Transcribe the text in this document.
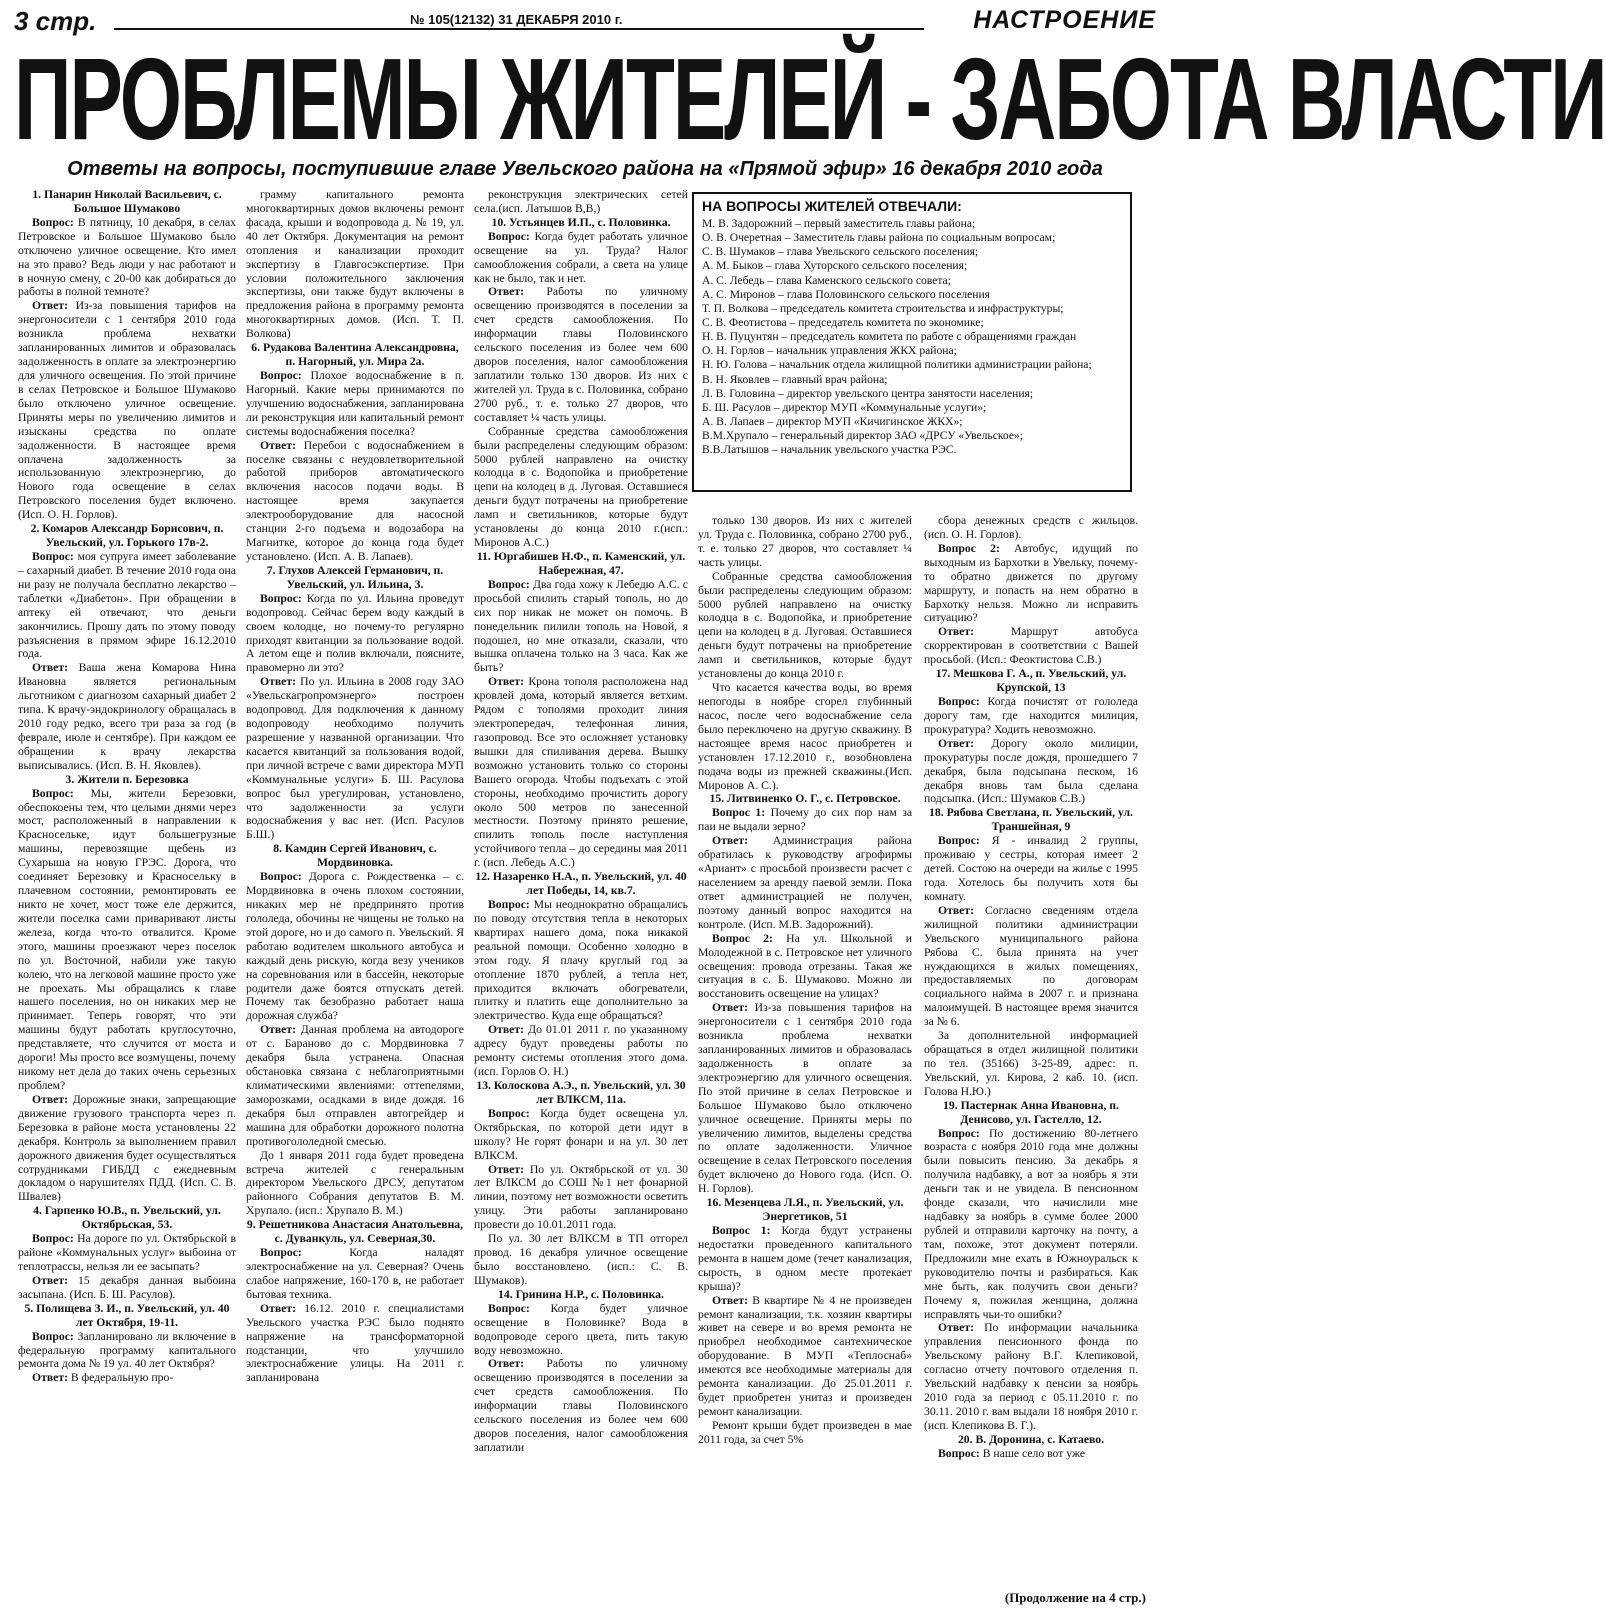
3 стр.	№ 105(12132) 31 ДЕКАБРЯ 2010 г.	НАСТРОЕНИЕ
ПРОБЛЕМЫ ЖИТЕЛЕЙ - ЗАБОТА ВЛАСТИ
Ответы на вопросы, поступившие главе Увельского района на «Прямой эфир» 16 декабря 2010 года

1. Панарин Николай Васильевич, с. Большое Шумаково

Вопрос: В пятницу, 10 декабря, в селах Петровское и Большое Шумаково было отключено уличное освещение. Кто имел на это право? Ведь люди у нас работают и в ночную смену, с 20-00 как добираться до работы в полной темноте?

Ответ: Из-за повышения тарифов на энергоносители с 1 сентября 2010 года возникла проблема нехватки запланированных лимитов и образовалась задолженность в оплате за электроэнергию для уличного освещения. По этой причине в селах Петровское и Большое Шумаково было отключено уличное освещение. Приняты меры по увеличению лимитов и изысканы средства по оплате задолженности. В настоящее время оплачена задолженность за использованную электроэнергию, до Нового года освещение в селах Петровского поселения будет включено. (Исп. О. Н. Горлов).

2. Комаров Александр Борисович, п. Увельский, ул. Горького 17в-2.

Вопрос: моя супруга имеет заболевание – сахарный диабет. В течение 2010 года она ни разу не получала бесплатно лекарство – таблетки «Диабетон». При обращении в аптеку ей отвечают, что деньги закончились. Прошу дать по этому поводу разъяснения в прямом эфире 16.12.2010 года.

Ответ: Ваша жена Комарова Нина Ивановна является региональным льготником с диагнозом сахарный диабет 2 типа. К врачу-эндокринологу обращалась в 2010 году редко, всего три раза за год (в феврале, июле и сентябре). При каждом ее обращении к врачу лекарства выписывались. (Исп. В. Н. Яковлев).

3. Жители п. Березовка

Вопрос: Мы, жители Березовки, обеспокоены тем, что целыми днями через мост, расположенный в направлении к Красносельке, идут большегрузные машины, перевозящие щебень из Сухарыша на новую ГРЭС. Дорога, что соединяет Березовку и Красносельку в плачевном состоянии, ремонтировать ее никто не хочет, мост тоже еле держится, жители поселка сами приваривают листы железа, когда что-то отвалится. Кроме этого, машины проезжают через поселок по ул. Восточной, набили уже такую колею, что на легковой машине просто уже не проехать. Мы обращались к главе нашего поселения, но он никаких мер не принимает. Теперь говорят, что эти машины будут работать круглосуточно, представляете, что случится от моста и дороги! Мы просто все возмущены, почему никому нет дела до таких очень серьезных проблем?

Ответ: Дорожные знаки, запрещающие движение грузового транспорта через п. Березовка в районе моста установлены 22 декабря. Контроль за выполнением правил дорожного движения будет осуществляться сотрудниками ГИБДД с ежедневным докладом о нарушителях ПДД. (Исп. С. В. Швалев)

4. Гарпенко Ю.В., п. Увельский, ул. Октябрьская, 53.

Вопрос: На дороге по ул. Октябрьской в районе «Коммунальных услуг» выбоина от теплотрассы, нельзя ли ее засыпать?

Ответ: 15 декабря данная выбоина засыпана. (Исп. Б. Ш. Расулов).

5. Полищева З. И., п. Увельский, ул. 40 лет Октября, 19-11.

Вопрос: Запланировано ли включение в федеральную программу капитального ремонта дома № 19 ул. 40 лет Октября?

Ответ: В федеральную про-

грамму капитального ремонта многоквартирных домов включены ремонт фасада, крыши и водопровода д. № 19, ул. 40 лет Октября. Документация на ремонт отопления и канализации проходит экспертизу в Главгосэкспертизе. При условии положительного заключения экспертизы, они также будут включены в предложения района в программу ремонта многоквартирных домов. (Исп. Т. П. Волкова)

6. Рудакова Валентина Александровна, п. Нагорный, ул. Мира 2а.

Вопрос: Плохое водоснабжение в п. Нагорный. Какие меры принимаются по улучшению водоснабжения, запланирована ли реконструкция или капитальный ремонт системы водоснабжения поселка?

Ответ: Перебои с водоснабжением в поселке связаны с неудовлетворительной работой приборов автоматического включения насосов подачи воды. В настоящее время закупается электрооборудование для насосной станции 2-го подъема и водозабора на Магнитке, которое до конца года будет установлено. (Исп. А. В. Лапаев).

7. Глухов Алексей Германович, п. Увельский, ул. Ильина, 3.

Вопрос: Когда по ул. Ильина проведут водопровод. Сейчас берем воду каждый в своем колодце, но почему-то регулярно приходят квитанции за пользование водой. А летом еще и полив включали, поясните, правомерно ли это?

Ответ: По ул. Ильина в 2008 году ЗАО «Увельскагропромэнерго» построен водопровод. Для подключения к данному водопроводу необходимо получить разрешение у названной организации. Что касается квитанций за пользования водой, при личной встрече с вами директора МУП «Коммунальные услуги» Б. Ш. Расулова вопрос был урегулирован, установлено, что задолженности за услуги водоснабжения у вас нет. (Исп. Расулов Б.Ш.)

8. Камдин Сергей Иванович, с. Мордвиновка.

Вопрос: Дорога с. Рождественка – с. Мордвиновка в очень плохом состоянии, никаких мер не предпринято против гололеда, обочины не чищены не только на этой дороге, но и до самого п. Увельский. Я работаю водителем школьного автобуса и каждый день рискую, когда везу учеников на соревнования или в бассейн, некоторые родители даже боятся отпускать детей. Почему так безобразно работает наша дорожная служба?

Ответ: Данная проблема на автодороге от с. Бараново до с. Мордвиновка 7 декабря была устранена. Опасная обстановка связана с неблагоприятными климатическими явлениями: оттепелями, заморозками, осадками в виде дождя. 16 декабря был отправлен автогрейдер и машина для обработки дорожного полотна противогололедной смесью.

До 1 января 2011 года будет проведена встреча жителей с генеральным директором Увельского ДРСУ, депутатом районного Собрания депутатов В. М. Хрупало. (исп.: Хрупало В. М.)

9. Решетникова Анастасия Анатольевна, с. Дуванкуль, ул. Северная,30.

Вопрос: Когда наладят электроснабжение на ул. Северная? Очень слабое напряжение, 160-170 в, не работает бытовая техника.

Ответ: 16.12. 2010 г. специалистами Увельского участка РЭС было поднято напряжение на трансформаторной подстанции, что улучшило электроснабжение улицы. На 2011 г. запланирована

реконструкция электрических сетей села.(исп. Латышов В,В,)

10. Устьянцев И.П., с. Половинка.

Вопрос: Когда будет работать уличное освещение на ул. Труда? Налог самообложения собрали, а света на улице как не было, так и нет.

Ответ: Работы по уличному освещению производятся в поселении за счет средств самообложения. По информации главы Половинского сельского поселения из более чем 600 дворов поселения, налог самообложения заплатили только 130 дворов. Из них с жителей ул. Труда в с. Половинка, собрано 2700 руб., т. е. только 27 дворов, что составляет ¼ часть улицы.

Собранные средства самообложения были распределены следующим образом: 5000 рублей направлено на очистку колодца в с. Водопойка и приобретение цепи на колодец в д. Луговая. Оставшиеся деньги будут потрачены на приобретение ламп и светильников, которые будут установлены до конца 2010 г.(исп.: Миронов А.С.)

11. Юргабишев Н.Ф., п. Каменский, ул. Набережная, 47.

Вопрос: Два года хожу к Лебедю А.С. с просьбой спилить старый тополь, но до сих пор никак не может он помочь. В понедельник пилили тополь на Новой, я подошел, но мне отказали, сказали, что вышка оплачена только на 3 часа. Как же быть?

Ответ: Крона тополя расположена над кровлей дома, который является ветхим. Рядом с тополями проходит линия электропередач, телефонная линия, газопровод. Все это осложняет установку вышки для спиливания дерева. Вышку возможно установить только со стороны Вашего огорода. Чтобы подъехать с этой стороны, необходимо прочистить дорогу около 500 метров по занесенной местности. Поэтому принято решение, спилить тополь после наступления устойчивого тепла – до середины мая 2011 г. (исп. Лебедь А.С.)

12. Назаренко Н.А., п. Увельский, ул. 40 лет Победы, 14, кв.7.

Вопрос: Мы неоднократно обращались по поводу отсутствия тепла в некоторых квартирах нашего дома, пока никакой реальной помощи. Особенно холодно в этом году. Я плачу круглый год за отопление 1870 рублей, а тепла нет, приходится включать обогреватели, плитку и платить еще дополнительно за электричество. Куда еще обращаться?

Ответ: До 01.01 2011 г. по указанному адресу будут проведены работы по ремонту системы отопления этого дома.(исп. Горлов О. Н.)

13. Колоскова А.Э., п. Увельский, ул. 30 лет ВЛКСМ, 11а.

Вопрос: Когда будет освещена ул. Октябрьская, по которой дети идут в школу? Не горят фонари и на ул. 30 лет ВЛКСМ.

Ответ: По ул. Октябрьской от ул. 30 лет ВЛКСМ до СОШ №1 нет фонарной линии, поэтому нет возможности осветить улицу. Эти работы запланировано провести до 10.01.2011 года.

По ул. 30 лет ВЛКСМ в ТП отгорел провод. 16 декабря уличное освещение было восстановлено. (исп.: С. В. Шумаков).

14. Гринина Н.Р., с. Половинка.

Вопрос: Когда будет уличное освещение в Половинке? Вода в водопроводе серого цвета, пить такую воду невозможно.

Ответ: Работы по уличному освещению производятся в поселении за счет средств самообложения. По информации главы Половинского сельского поселения из более чем 600 дворов поселения, налог самообложения заплатили

НА ВОПРОСЫ ЖИТЕЛЕЙ ОТВЕЧАЛИ:
М. В. Задорожний – первый заместитель главы района;
О. В. Очеретная – Заместитель главы района по социальным вопросам;
С. В. Шумаков – глава Увельского сельского поселения;
А. М. Быков – глава Хуторского сельского поселения;
А. С. Лебедь – глава Каменского сельского совета;
А. С. Миронов – глава Половинского сельского поселения
Т. П. Волкова – председатель комитета строительства и инфраструктуры;
С. В. Феотистова – председатель комитета по экономике;
Н. В. Пуцунтян – председатель комитета по работе с обращениями граждан
О. Н. Горлов – начальник управления ЖКХ района;
Н. Ю. Голова – начальник отдела жилищной политики администрации района;
В. Н. Яковлев – главный врач района;
Л. В. Головина – директор увельского центра занятости населения;
Б. Ш. Расулов – директор МУП «Коммунальные услуги»;
А. В. Лапаев – директор МУП «Кичигинское ЖКХ»;
В.М.Хрупало – генеральный директор ЗАО «ДРСУ «Увельское»;
В.В.Латышов – начальник увельского участка РЭС.

только 130 дворов. Из них с жителей ул. Труда с. Половинка, собрано 2700 руб., т. е. только 27 дворов, что составляет ¼ часть улицы.

Собранные средства самообложения были распределены следующим образом: 5000 рублей направлено на очистку колодца в с. Водопойка, и приобретение цепи на колодец в д. Луговая. Оставшиеся деньги будут потрачены на приобретение ламп и светильников, которые будут установлены до конца 2010 г.

Что касается качества воды, во время непогоды в ноябре сгорел глубинный насос, после чего водоснабжение села было переключено на другую скважину. В настоящее время насос приобретен и установлен 17.12.2010 г., возобновлена подача воды из прежней скважины.(Исп. Миронов А. С.).

15. Литвиненко О. Г., с. Петровское.

Вопрос 1: Почему до сих пор нам за паи не выдали зерно?

Ответ: Администрация района обратилась к руководству агрофирмы «Ариант» с просьбой произвести расчет с населением за аренду паевой земли. Пока ответ администрацией не получен, поэтому данный вопрос находится на контроле. (Исп. М.В. Задорожний).

Вопрос 2: На ул. Школьной и Молодежной в с. Петровское нет уличного освещения: провода отрезаны. Такая же ситуация в с. Б. Шумаково. Можно ли восстановить освещение на улицах?

Ответ: Из-за повышения тарифов на энергоносители с 1 сентября 2010 года возникла проблема нехватки запланированных лимитов и образовалась задолженность в оплате за электроэнергию для уличного освещения. По этой причине в селах Петровское и Большое Шумаково было отключено уличное освещение. Приняты меры по увеличению лимитов, выделены средства по оплате задолженности. Уличное освещение в селах Петровского поселения будет включено до Нового года. (Исп. О. Н. Горлов).

16. Мезенцева Л.Я., п. Увельский, ул. Энергетиков, 51

Вопрос 1: Когда будут устранены недостатки проведенного капитального ремонта в нашем доме (течет канализация, сырость, в одном месте протекает крыша)?

Ответ: В квартире № 4 не произведен ремонт канализации, т.к. хозяин квартиры живет на севере и во время ремонта не приобрел необходимое сантехническое оборудование. В МУП «Теплоснаб» имеются все необходимые материалы для ремонта канализации. До 25.01.2011 г. будет приобретен унитаз и произведен ремонт канализации.

Ремонт крыши будет произведен в мае 2011 года, за счет 5%

сбора денежных средств с жильцов.(исп. О. Н. Горлов).

Вопрос 2: Автобус, идущий по выходным из Бархотки в Увельку, почему-то обратно движется по другому маршруту, и попасть на нем обратно в Бархотку нельзя. Можно ли исправить ситуацию?

Ответ: Маршрут автобуса скорректирован в соответствии с Вашей просьбой. (Исп.: Феоктистова С.В.)

17. Мешкова Г. А., п. Увельский, ул. Крупской, 13

Вопрос: Когда почистят от гололеда дорогу там, где находится милиция, прокуратура? Ходить невозможно.

Ответ: Дорогу около милиции, прокуратуры после дождя, прошедшего 7 декабря, была подсыпана песком, 16 декабря вновь там была сделана подсыпка. (Исп.: Шумаков С.В.)

18. Рябова Светлана, п. Увельский, ул. Траншейная, 9

Вопрос: Я - инвалид 2 группы, проживаю у сестры, которая имеет 2 детей. Состою на очереди на жилье с 1995 года. Хотелось бы получить хотя бы комнату.

Ответ: Согласно сведениям отдела жилищной политики администрации Увельского муниципального района Рябова С. была принята на учет нуждающихся в жилых помещениях, предоставляемых по договорам социального найма в 2007 г. и признана малоимущей. В настоящее время значится за № 6.

За дополнительной информацией обращаться в отдел жилищной политики по тел. (35166) 3-25-89, адрес: п. Увельский, ул. Кирова, 2 каб. 10. (исп. Голова Н.Ю.)

19. Пастернак Анна Ивановна, п. Денисово, ул. Гастелло, 12.

Вопрос: По достижению 80-летнего возраста с ноября 2010 года мне должны были повысить пенсию. За декабрь я получила надбавку, а вот за ноябрь я эти деньги так и не увидела. В пенсионном фонде сказали, что начислили мне надбавку за ноябрь в сумме более 2000 рублей и отправили карточку на почту, а там, похоже, этот документ потеряли. Предложили мне ехать в Южноуральск к руководителю почты и разбираться. Как мне быть, как получить свои деньги? Почему я, пожилая женщина, должна исправлять чьи-то ошибки?

Ответ: По информации начальника управления пенсионного фонда по Увельскому району В.Г. Клепиковой, согласно отчету почтового отделения п. Увельский надбавку к пенсии за ноябрь 2010 года за период с 05.11.2010 г. по 30.11. 2010 г. вам выдали 18 ноября 2010 г. (исп. Клепикова В. Г.).

20. В. Доронина, с. Катаево.

Вопрос: В наше село вот уже

(Продолжение на 4 стр.)
